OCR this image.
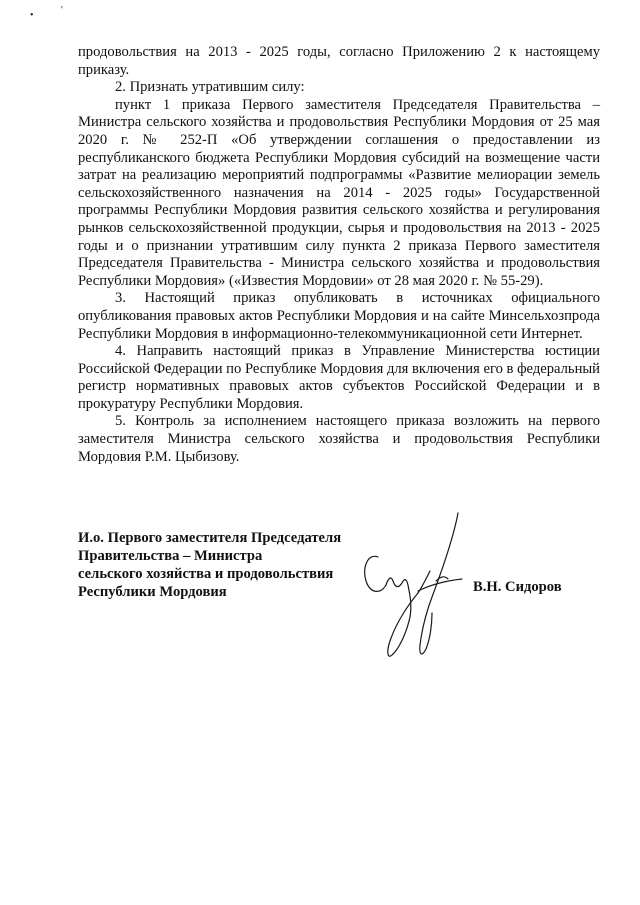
•	'

продовольствия на 2013 - 2025 годы, согласно Приложению 2 к настоящему приказу.

2. Признать утратившим силу:

пункт 1 приказа Первого заместителя Председателя Правительства – Министра сельского хозяйства и продовольствия Республики Мордовия от 25 мая 2020 г. № 252-П «Об утверждении соглашения о предоставлении из республиканского бюджета Республики Мордовия субсидий на возмещение части затрат на реализацию мероприятий подпрограммы «Развитие мелиорации земель сельскохозяйственного назначения на 2014 - 2025 годы» Государственной программы Республики Мордовия развития сельского хозяйства и регулирования рынков сельскохозяйственной продукции, сырья и продовольствия на 2013 - 2025 годы и о признании утратившим силу пункта 2 приказа Первого заместителя Председателя Правительства - Министра сельского хозяйства и продовольствия Республики Мордовия» («Известия Мордовии» от 28 мая 2020 г. № 55-29).

3. Настоящий приказ опубликовать в источниках официального опубликования правовых актов Республики Мордовия и на сайте Минсельхозпрода Республики Мордовия в информационно-телекоммуникационной сети Интернет.

4. Направить настоящий приказ в Управление Министерства юстиции Российской Федерации по Республике Мордовия для включения его в федеральный регистр нормативных правовых актов субъектов Российской Федерации и в прокуратуру Республики Мордовия.

5. Контроль за исполнением настоящего приказа возложить на первого заместителя Министра сельского хозяйства и продовольствия Республики Мордовия Р.М. Цыбизову.

И.о. Первого заместителя Председателя
Правительства – Министра
сельского хозяйства и продовольствия
Республики Мордовия	В.Н. Сидоров
